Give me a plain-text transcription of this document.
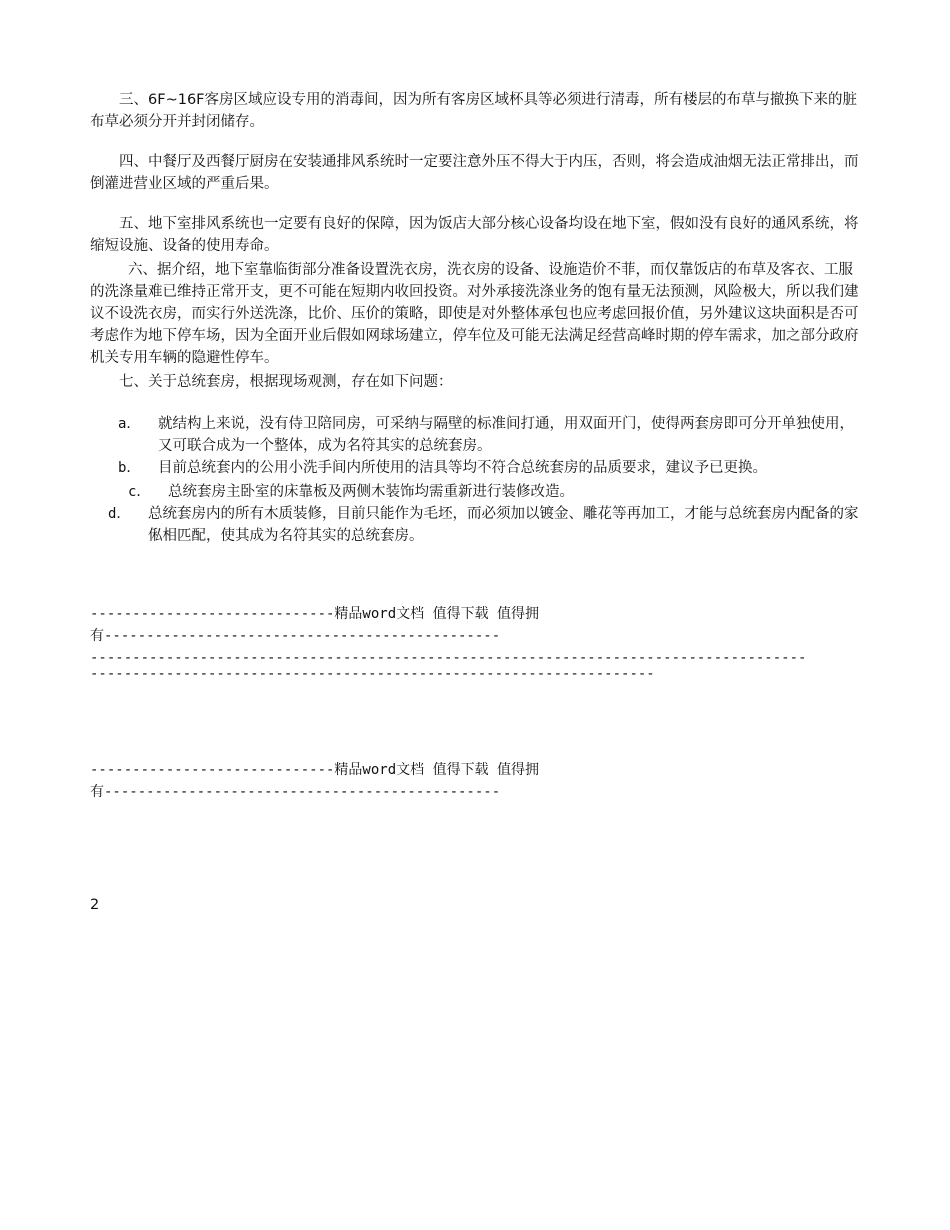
三、6F~16F客房区域应设专用的消毒间，因为所有客房区域杯具等必须进行清毒，所有楼层的布草与撤换下来的脏布草必须分开并封闭储存。

四、中餐厅及西餐厅厨房在安装通排风系统时一定要注意外压不得大于内压，否则，将会造成油烟无法正常排出，而倒灌进营业区域的严重后果。

五、地下室排风系统也一定要有良好的保障，因为饭店大部分核心设备均设在地下室，假如没有良好的通风系统，将缩短设施、设备的使用寿命。

六、据介绍，地下室靠临街部分准备设置洗衣房，洗衣房的设备、设施造价不菲，而仅靠饭店的布草及客衣、工服的洗涤量难已维持正常开支，更不可能在短期内收回投资。对外承接洗涤业务的饱有量无法预测，风险极大，所以我们建议不设洗衣房，而实行外送洗涤，比价、压价的策略，即使是对外整体承包也应考虑回报价值，另外建议这块面积是否可考虑作为地下停车场，因为全面开业后假如网球场建立，停车位及可能无法满足经营高峰时期的停车需求，加之部分政府机关专用车辆的隐避性停车。

七、关于总统套房，根据现场观测，存在如下问题：

a．	就结构上来说，没有侍卫陪同房，可采纳与隔壁的标准间打通，用双面开门，使得两套房即可分开单独使用，又可联合成为一个整体，成为名符其实的总统套房。
b．	目前总统套内的公用小洗手间内所使用的洁具等均不符合总统套房的品质要求，建议予已更换。
c．	总统套房主卧室的床靠板及两侧木装饰均需重新进行装修改造。
d．	总统套房内的所有木质装修，目前只能作为毛坯，而必须加以镀金、雕花等再加工，才能与总统套房内配备的家俬相匹配，使其成为名符其实的总统套房。

-----------------------------精品word文档 值得下载 值得拥

有-----------------------------------------------

-------------------------------------------------------------------------------------

-------------------------------------------------------------------

-----------------------------精品word文档 值得下载 值得拥

有-----------------------------------------------

2
